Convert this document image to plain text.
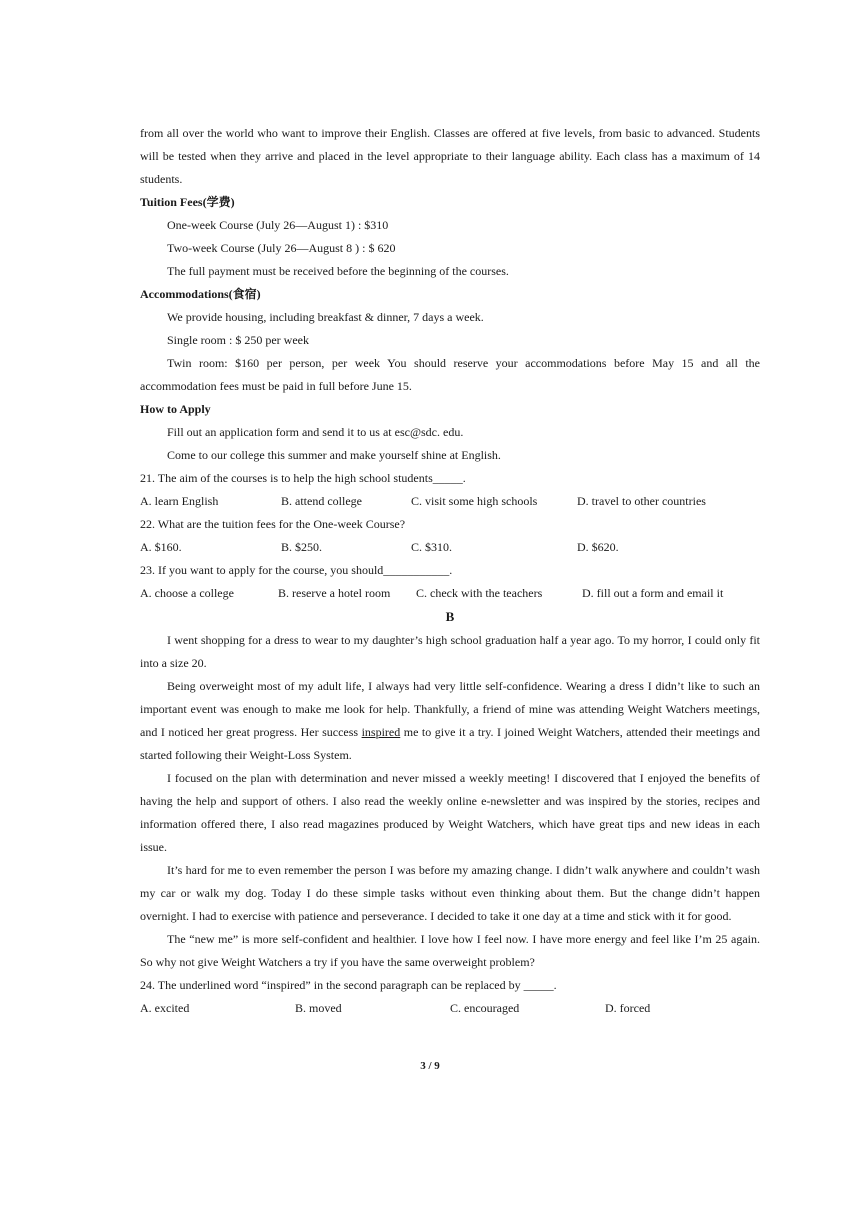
from all over the world who want to improve their English. Classes are offered at five levels, from basic to advanced. Students will be tested when they arrive and placed in the level appropriate to their language ability. Each class has a maximum of 14 students.

Tuition Fees(学费)

One-week Course (July 26—August 1) : $310

Two-week Course (July 26—August 8 ) : $ 620

The full payment must be received before the beginning of the courses.

Accommodations(食宿)

We provide housing, including breakfast & dinner, 7 days a week.

Single room : $ 250 per week

Twin room: $160 per person, per week You should reserve your accommodations before May 15 and all the accommodation fees must be paid in full before June 15.

How to Apply

Fill out an application form and send it to us at esc@sdc. edu.

Come to our college this summer and make yourself shine at English.

21. The aim of the courses is to help the high school students_____.

A. learn English	B. attend college	C. visit some high schools	D. travel to other countries

22. What are the tuition fees for the One-week Course?

A. $160.	B. $250.	C. $310.	D. $620.

23. If you want to apply for the course, you should___________.

A. choose a college	B. reserve a hotel room C. check with the teachers	D. fill out a form and email it

B

I went shopping for a dress to wear to my daughter’s high school graduation half a year ago. To my horror, I could only fit into a size 20.

Being overweight most of my adult life, I always had very little self-confidence. Wearing a dress I didn’t like to such an important event was enough to make me look for help. Thankfully, a friend of mine was attending Weight Watchers meetings, and I noticed her great progress. Her success inspired me to give it a try. I joined Weight Watchers, attended their meetings and started following their Weight-Loss System.

I focused on the plan with determination and never missed a weekly meeting! I discovered that I enjoyed the benefits of having the help and support of others. I also read the weekly online e-newsletter and was inspired by the stories, recipes and information offered there, I also read magazines produced by Weight Watchers, which have great tips and new ideas in each issue.

It’s hard for me to even remember the person I was before my amazing change. I didn’t walk anywhere and couldn’t wash my car or walk my dog. Today I do these simple tasks without even thinking about them. But the change didn’t happen overnight. I had to exercise with patience and perseverance. I decided to take it one day at a time and stick with it for good.

The “new me” is more self-confident and healthier. I love how I feel now. I have more energy and feel like I’m 25 again. So why not give Weight Watchers a try if you have the same overweight problem?

24. The underlined word “inspired” in the second paragraph can be replaced by _____.

A. excited	B. moved	C. encouraged	D. forced
3 / 9
